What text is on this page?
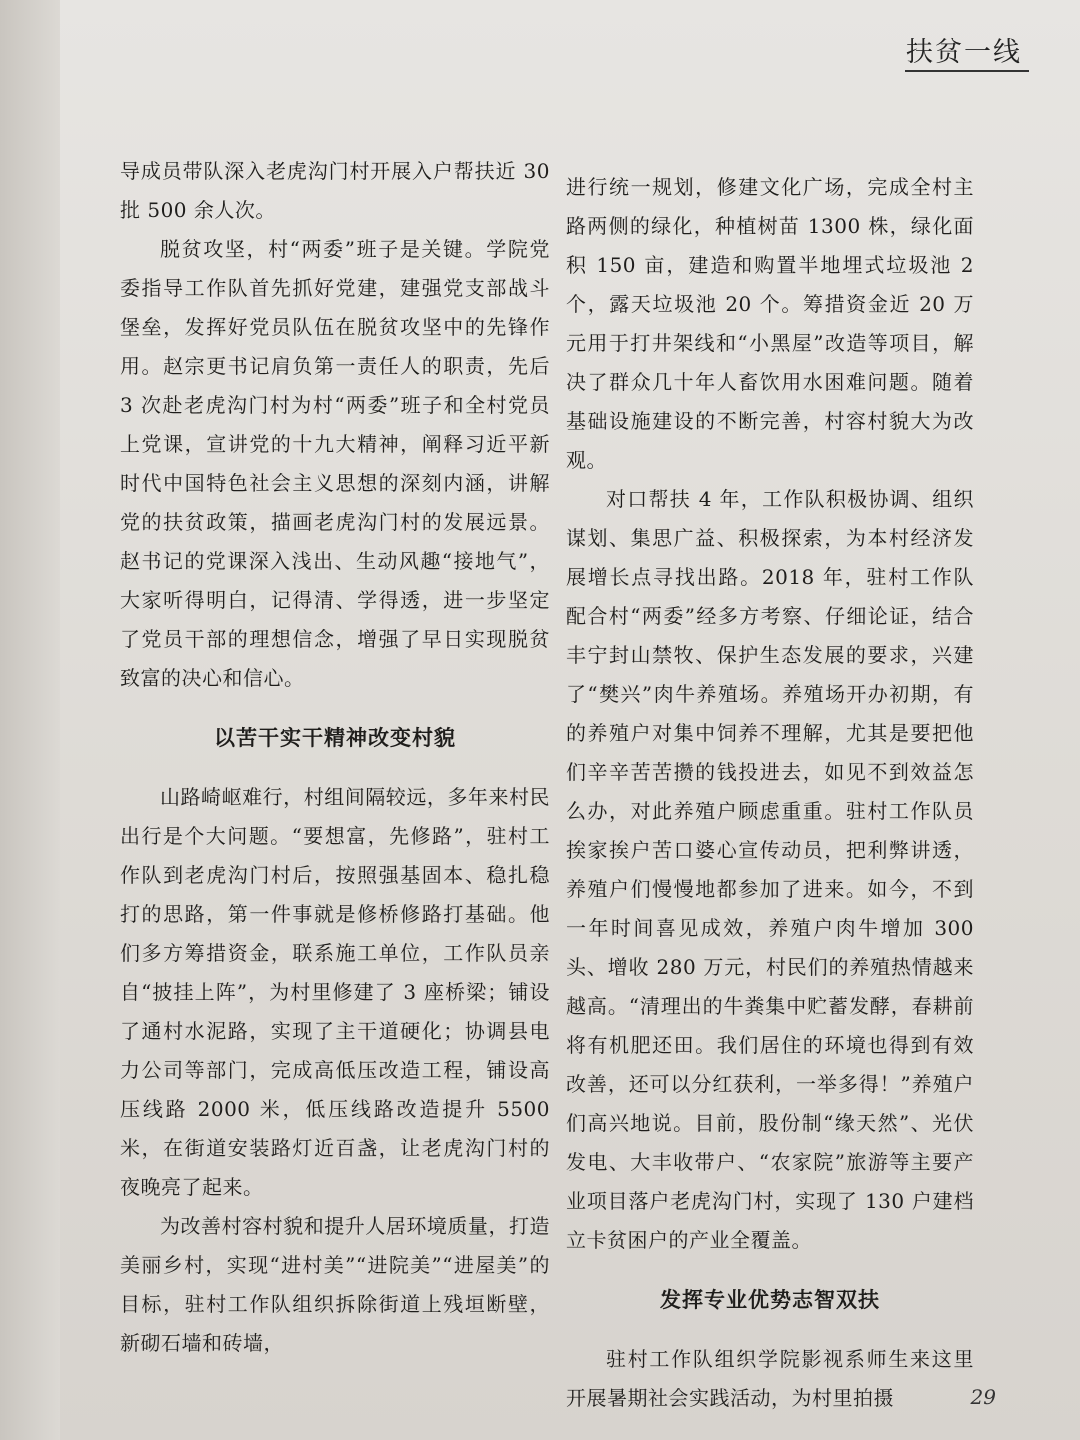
扶贫一线

导成员带队深入老虎沟门村开展入户帮扶近 30 批 500 余人次。

脱贫攻坚，村“两委”班子是关键。学院党委指导工作队首先抓好党建，建强党支部战斗堡垒，发挥好党员队伍在脱贫攻坚中的先锋作用。赵宗更书记肩负第一责任人的职责，先后 3 次赴老虎沟门村为村“两委”班子和全村党员上党课，宣讲党的十九大精神，阐释习近平新时代中国特色社会主义思想的深刻内涵，讲解党的扶贫政策，描画老虎沟门村的发展远景。赵书记的党课深入浅出、生动风趣“接地气”，大家听得明白，记得清、学得透，进一步坚定了党员干部的理想信念，增强了早日实现脱贫致富的决心和信心。

以苦干实干精神改变村貌

山路崎岖难行，村组间隔较远，多年来村民出行是个大问题。“要想富，先修路”，驻村工作队到老虎沟门村后，按照强基固本、稳扎稳打的思路，第一件事就是修桥修路打基础。他们多方筹措资金，联系施工单位，工作队员亲自“披挂上阵”，为村里修建了 3 座桥梁；铺设了通村水泥路，实现了主干道硬化；协调县电力公司等部门，完成高低压改造工程，铺设高压线路 2000 米，低压线路改造提升 5500 米，在街道安装路灯近百盏，让老虎沟门村的夜晚亮了起来。

为改善村容村貌和提升人居环境质量，打造美丽乡村，实现“进村美”“进院美”“进屋美”的目标，驻村工作队组织拆除街道上残垣断壁，新砌石墙和砖墙，

进行统一规划，修建文化广场，完成全村主路两侧的绿化，种植树苗 1300 株，绿化面积 150 亩，建造和购置半地埋式垃圾池 2 个，露天垃圾池 20 个。筹措资金近 20 万元用于打井架线和“小黑屋”改造等项目，解决了群众几十年人畜饮用水困难问题。随着基础设施建设的不断完善，村容村貌大为改观。

对口帮扶 4 年，工作队积极协调、组织谋划、集思广益、积极探索，为本村经济发展增长点寻找出路。2018 年，驻村工作队配合村“两委”经多方考察、仔细论证，结合丰宁封山禁牧、保护生态发展的要求，兴建了“樊兴”肉牛养殖场。养殖场开办初期，有的养殖户对集中饲养不理解，尤其是要把他们辛辛苦苦攒的钱投进去，如见不到效益怎么办，对此养殖户顾虑重重。驻村工作队员挨家挨户苦口婆心宣传动员，把利弊讲透，养殖户们慢慢地都参加了进来。如今，不到一年时间喜见成效，养殖户肉牛增加 300 头、增收 280 万元，村民们的养殖热情越来越高。“清理出的牛粪集中贮蓄发酵，春耕前将有机肥还田。我们居住的环境也得到有效改善，还可以分红获利，一举多得！”养殖户们高兴地说。目前，股份制“缘天然”、光伏发电、大丰收带户、“农家院”旅游等主要产业项目落户老虎沟门村，实现了 130 户建档立卡贫困户的产业全覆盖。

发挥专业优势志智双扶

驻村工作队组织学院影视系师生来这里开展暑期社会实践活动，为村里拍摄	29
